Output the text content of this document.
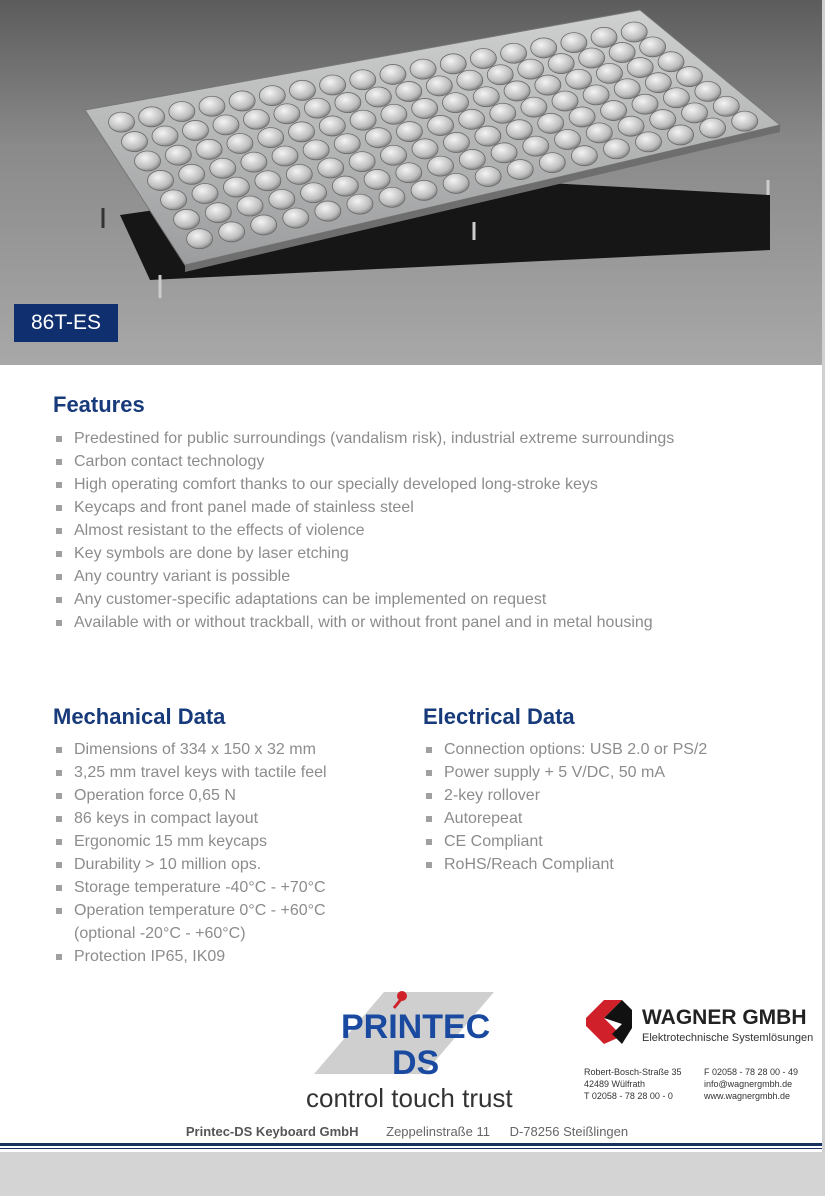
86T-ES
Features
Predestined for public surroundings (vandalism risk), industrial extreme surroundings
Carbon contact technology
High operating comfort thanks to our specially developed long-stroke keys
Keycaps and front panel made of stainless steel
Almost resistant to the effects of violence
Key symbols are done by laser etching
Any country variant is possible
Any customer-specific adaptations can be implemented on request
Available with or without trackball, with or without front panel and in metal housing
Mechanical Data
Dimensions of 334 x 150 x 32 mm
3,25 mm travel keys with tactile feel
Operation force 0,65 N
86 keys in compact layout
Ergonomic 15 mm keycaps
Durability > 10 million ops.
Storage temperature -40°C - +70°C
Operation temperature 0°C - +60°C
(optional -20°C - +60°C)
Protection IP65, IK09
Electrical Data
Connection options: USB 2.0 or PS/2
Power supply + 5 V/DC, 50 mA
2-key rollover
Autorepeat
CE Compliant
RoHS/Reach Compliant
PRINTEC
DS
control touch trust
WAGNER GMBH
Elektrotechnische Systemlösungen
Robert-Bosch-Straße 35
42489 Wülfrath
T 02058 - 78 28 00 - 0
F 02058 - 78 28 00 - 49
info@wagnergmbh.de
www.wagnergmbh.de
Printec-DS Keyboard GmbH Zeppelinstraße 11 D-78256 Steißlingen
